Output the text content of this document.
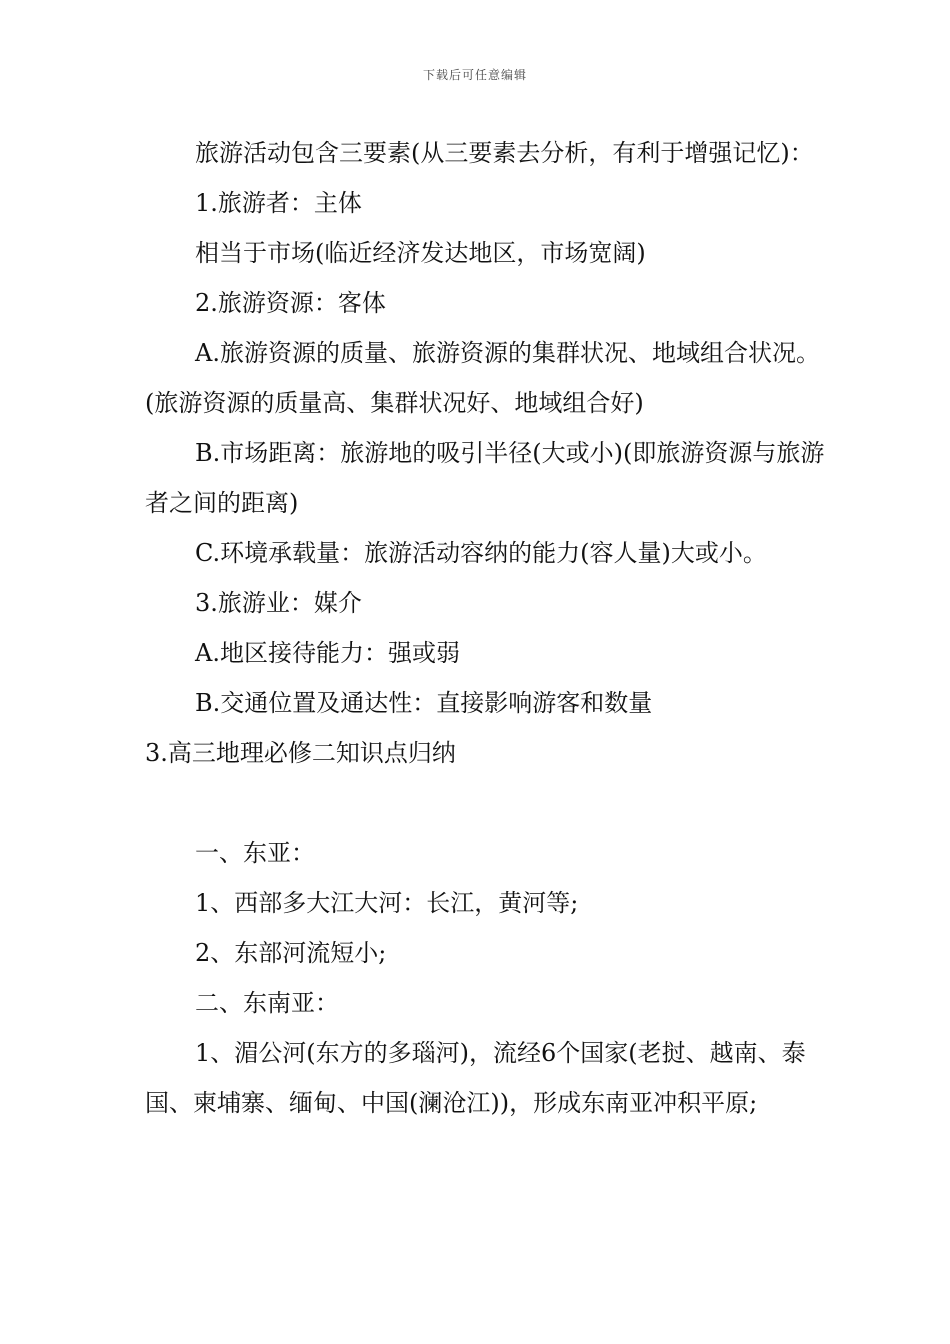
下载后可任意编辑

旅游活动包含三要素(从三要素去分析，有利于增强记忆)：

1.旅游者：主体

相当于市场(临近经济发达地区，市场宽阔)

2.旅游资源：客体

A.旅游资源的质量、旅游资源的集群状况、地域组合状况。(旅游资源的质量高、集群状况好、地域组合好)

B.市场距离：旅游地的吸引半径(大或小)(即旅游资源与旅游者之间的距离)

C.环境承载量：旅游活动容纳的能力(容人量)大或小。

3.旅游业：媒介

A.地区接待能力：强或弱

B.交通位置及通达性：直接影响游客和数量

3.高三地理必修二知识点归纳

一、东亚：

1、西部多大江大河：长江，黄河等;

2、东部河流短小;

二、东南亚：

1、湄公河(东方的多瑙河)，流经6个国家(老挝、越南、泰国、柬埔寨、缅甸、中国(澜沧江))，形成东南亚冲积平原;
